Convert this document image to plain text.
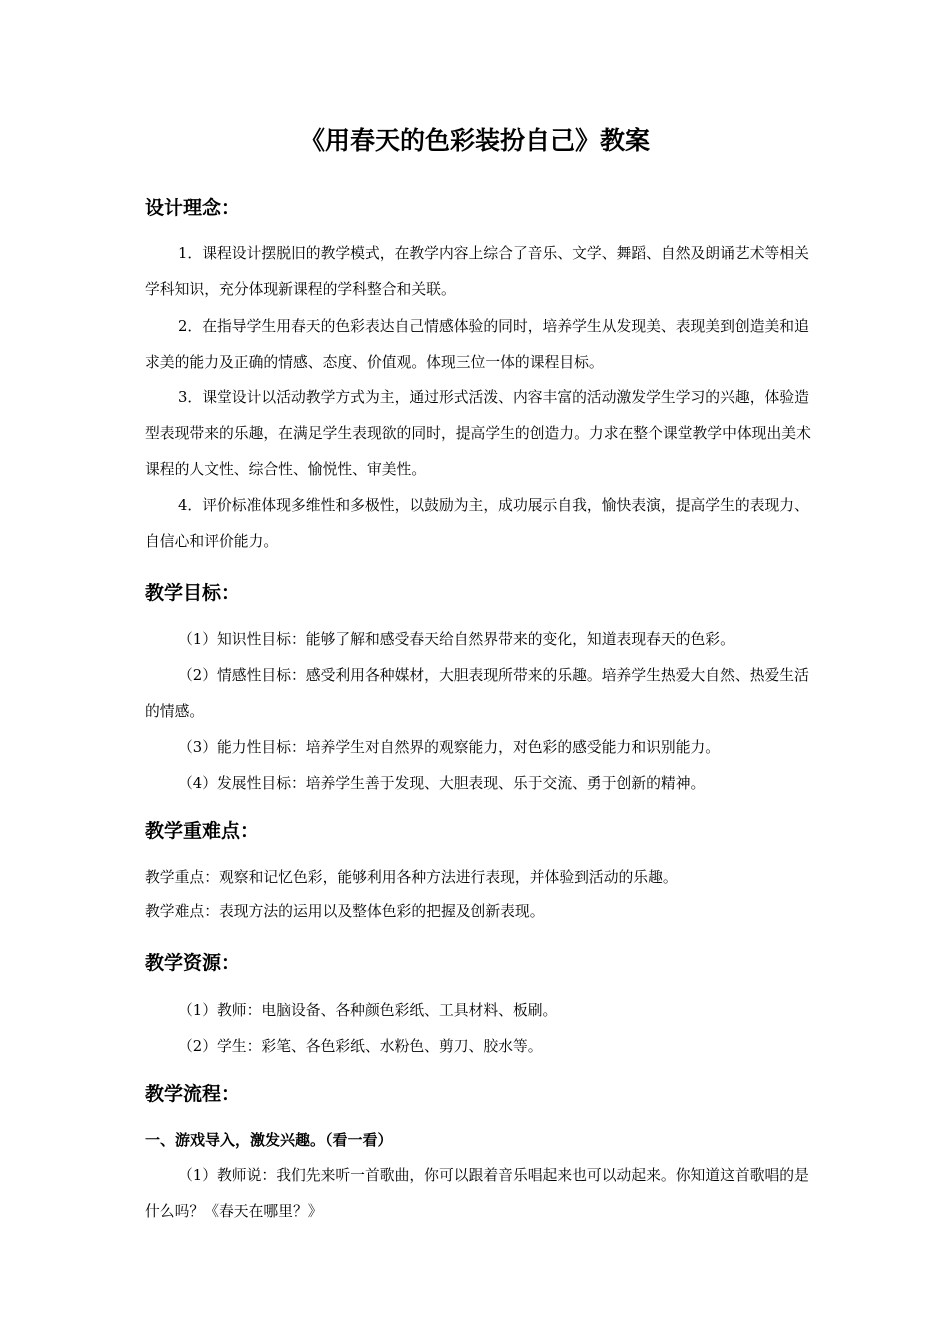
《用春天的色彩装扮自己》教案
设计理念：

1．课程设计摆脱旧的教学模式，在教学内容上综合了音乐、文学、舞蹈、自然及朗诵艺术等相关学科知识，充分体现新课程的学科整合和关联。

2．在指导学生用春天的色彩表达自己情感体验的同时，培养学生从发现美、表现美到创造美和追求美的能力及正确的情感、态度、价值观。体现三位一体的课程目标。

3．课堂设计以活动教学方式为主，通过形式活泼、内容丰富的活动激发学生学习的兴趣，体验造型表现带来的乐趣，在满足学生表现欲的同时，提高学生的创造力。力求在整个课堂教学中体现出美术课程的人文性、综合性、愉悦性、审美性。

4．评价标准体现多维性和多极性，以鼓励为主，成功展示自我，愉快表演，提高学生的表现力、自信心和评价能力。

教学目标：

（1）知识性目标：能够了解和感受春天给自然界带来的变化，知道表现春天的色彩。

（2）情感性目标：感受利用各种媒材，大胆表现所带来的乐趣。培养学生热爱大自然、热爱生活的情感。

（3）能力性目标：培养学生对自然界的观察能力，对色彩的感受能力和识别能力。

（4）发展性目标：培养学生善于发现、大胆表现、乐于交流、勇于创新的精神。

教学重难点：

教学重点：观察和记忆色彩，能够利用各种方法进行表现，并体验到活动的乐趣。

教学难点：表现方法的运用以及整体色彩的把握及创新表现。

教学资源：

（1）教师：电脑设备、各种颜色彩纸、工具材料、板刷。

（2）学生：彩笔、各色彩纸、水粉色、剪刀、胶水等。

教学流程：
一、游戏导入，激发兴趣。（看一看）

（1）教师说：我们先来听一首歌曲，你可以跟着音乐唱起来也可以动起来。你知道这首歌唱的是什么吗？《春天在哪里？》
